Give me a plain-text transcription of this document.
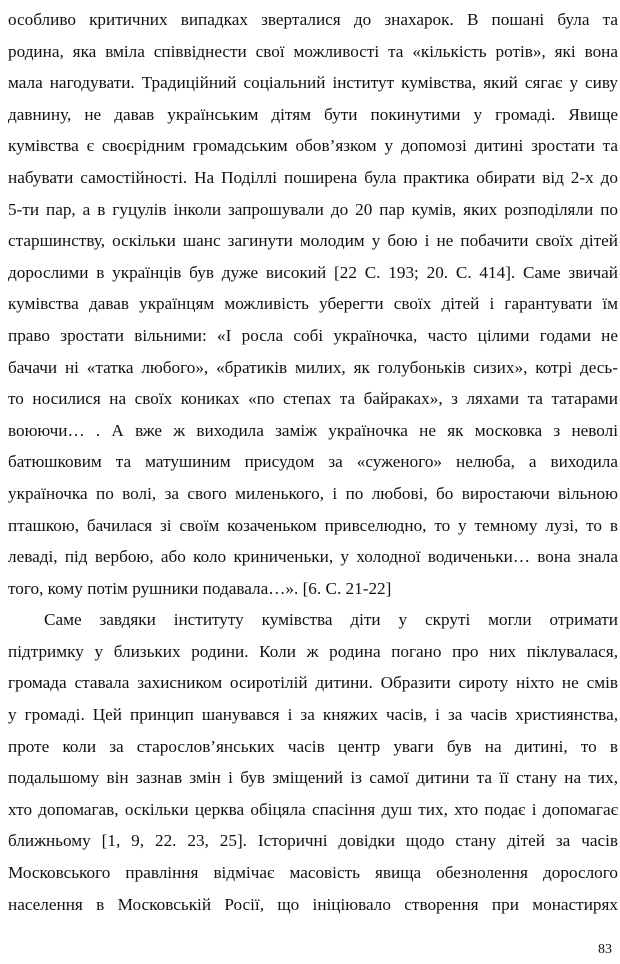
особливо критичних випадках зверталися до знахарок. В пошані була та
родина, яка вміла співвіднести свої можливості та «кількість ротів», які вона
мала нагодувати. Традиційний соціальний інститут кумівства, який сягає у сиву
давнину, не давав українським дітям бути покинутими у громаді. Явище
кумівства є своєрідним громадським обов’язком у допомозі дитині зростати та
набувати самостійності. На Поділлі поширена була практика обирати від 2-х до
5-ти пар, а в гуцулів інколи запрошували до 20 пар кумів, яких розподіляли по
старшинству, оскільки шанс загинути молодим у бою і не побачити своїх дітей
дорослими в українців був дуже високий [22 С. 193; 20. С. 414]. Саме звичай
кумівства давав українцям можливість уберегти своїх дітей і гарантувати їм
право зростати вільними: «І росла собі україночка, часто цілими годами не
бачачи ні «татка любого», «братиків милих, як голубоньків сизих», котрі десь-
то носилися на своїх кониках «по степах та байраках», з ляхами та татарами
воюючи… . А вже ж виходила заміж україночка не як московка з неволі
батюшковим та матушиним присудом за «суженого» нелюба, а виходила
україночка по волі, за свого миленького, і по любові, бо виростаючи вільною
пташкою, бачилася зі своїм козаченьком привселюдно, то у темному лузі, то в
леваді, під вербою, або коло криниченьки, у холодної водиченьки… вона знала
того, кому потім рушники подавала…». [6. С. 21-22]
Саме завдяки інституту кумівства діти у скруті могли отримати
підтримку у близьких родини. Коли ж родина погано про них піклувалася,
громада ставала захисником осиротілій дитини. Образити сироту ніхто не смів
у громаді. Цей принцип шанувався і за княжих часів, і за часів християнства,
проте коли за старослов’янських часів центр уваги був на дитині, то в
подальшому він зазнав змін і був зміщений із самої дитини та її стану на тих,
хто допомагав, оскільки церква обіцяла спасіння душ тих, хто подає і допомагає
ближньому [1, 9, 22. 23, 25]. Історичні довідки щодо стану дітей за часів
Московського правління відмічає масовість явища обезнолення дорослого
населення в Московській Росії, що ініціювало створення при монастирях
83
